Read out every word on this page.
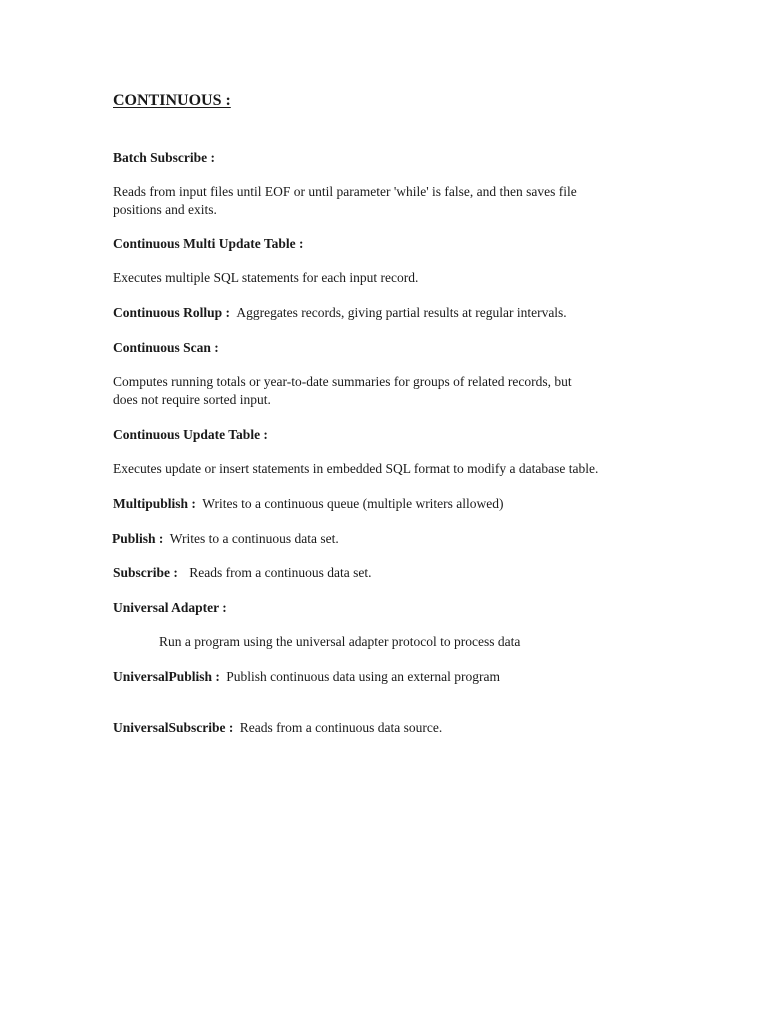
CONTINUOUS :
Batch Subscribe :
Reads from input files until EOF or until parameter 'while' is false, and then saves file
positions and exits.
Continuous Multi Update Table :
Executes multiple SQL statements for each input record.
Continuous Rollup : Aggregates records, giving partial results at regular intervals.
Continuous Scan :
Computes running totals or year-to-date summaries for groups of related records, but
does not require sorted input.
Continuous Update Table :
Executes update or insert statements in embedded SQL format to modify a database table.
Multipublish : Writes to a continuous queue (multiple writers allowed)
Publish : Writes to a continuous data set.
Subscribe : Reads from a continuous data set.
Universal Adapter :
Run a program using the universal adapter protocol to process data
UniversalPublish : Publish continuous data using an external program
UniversalSubscribe : Reads from a continuous data source.
